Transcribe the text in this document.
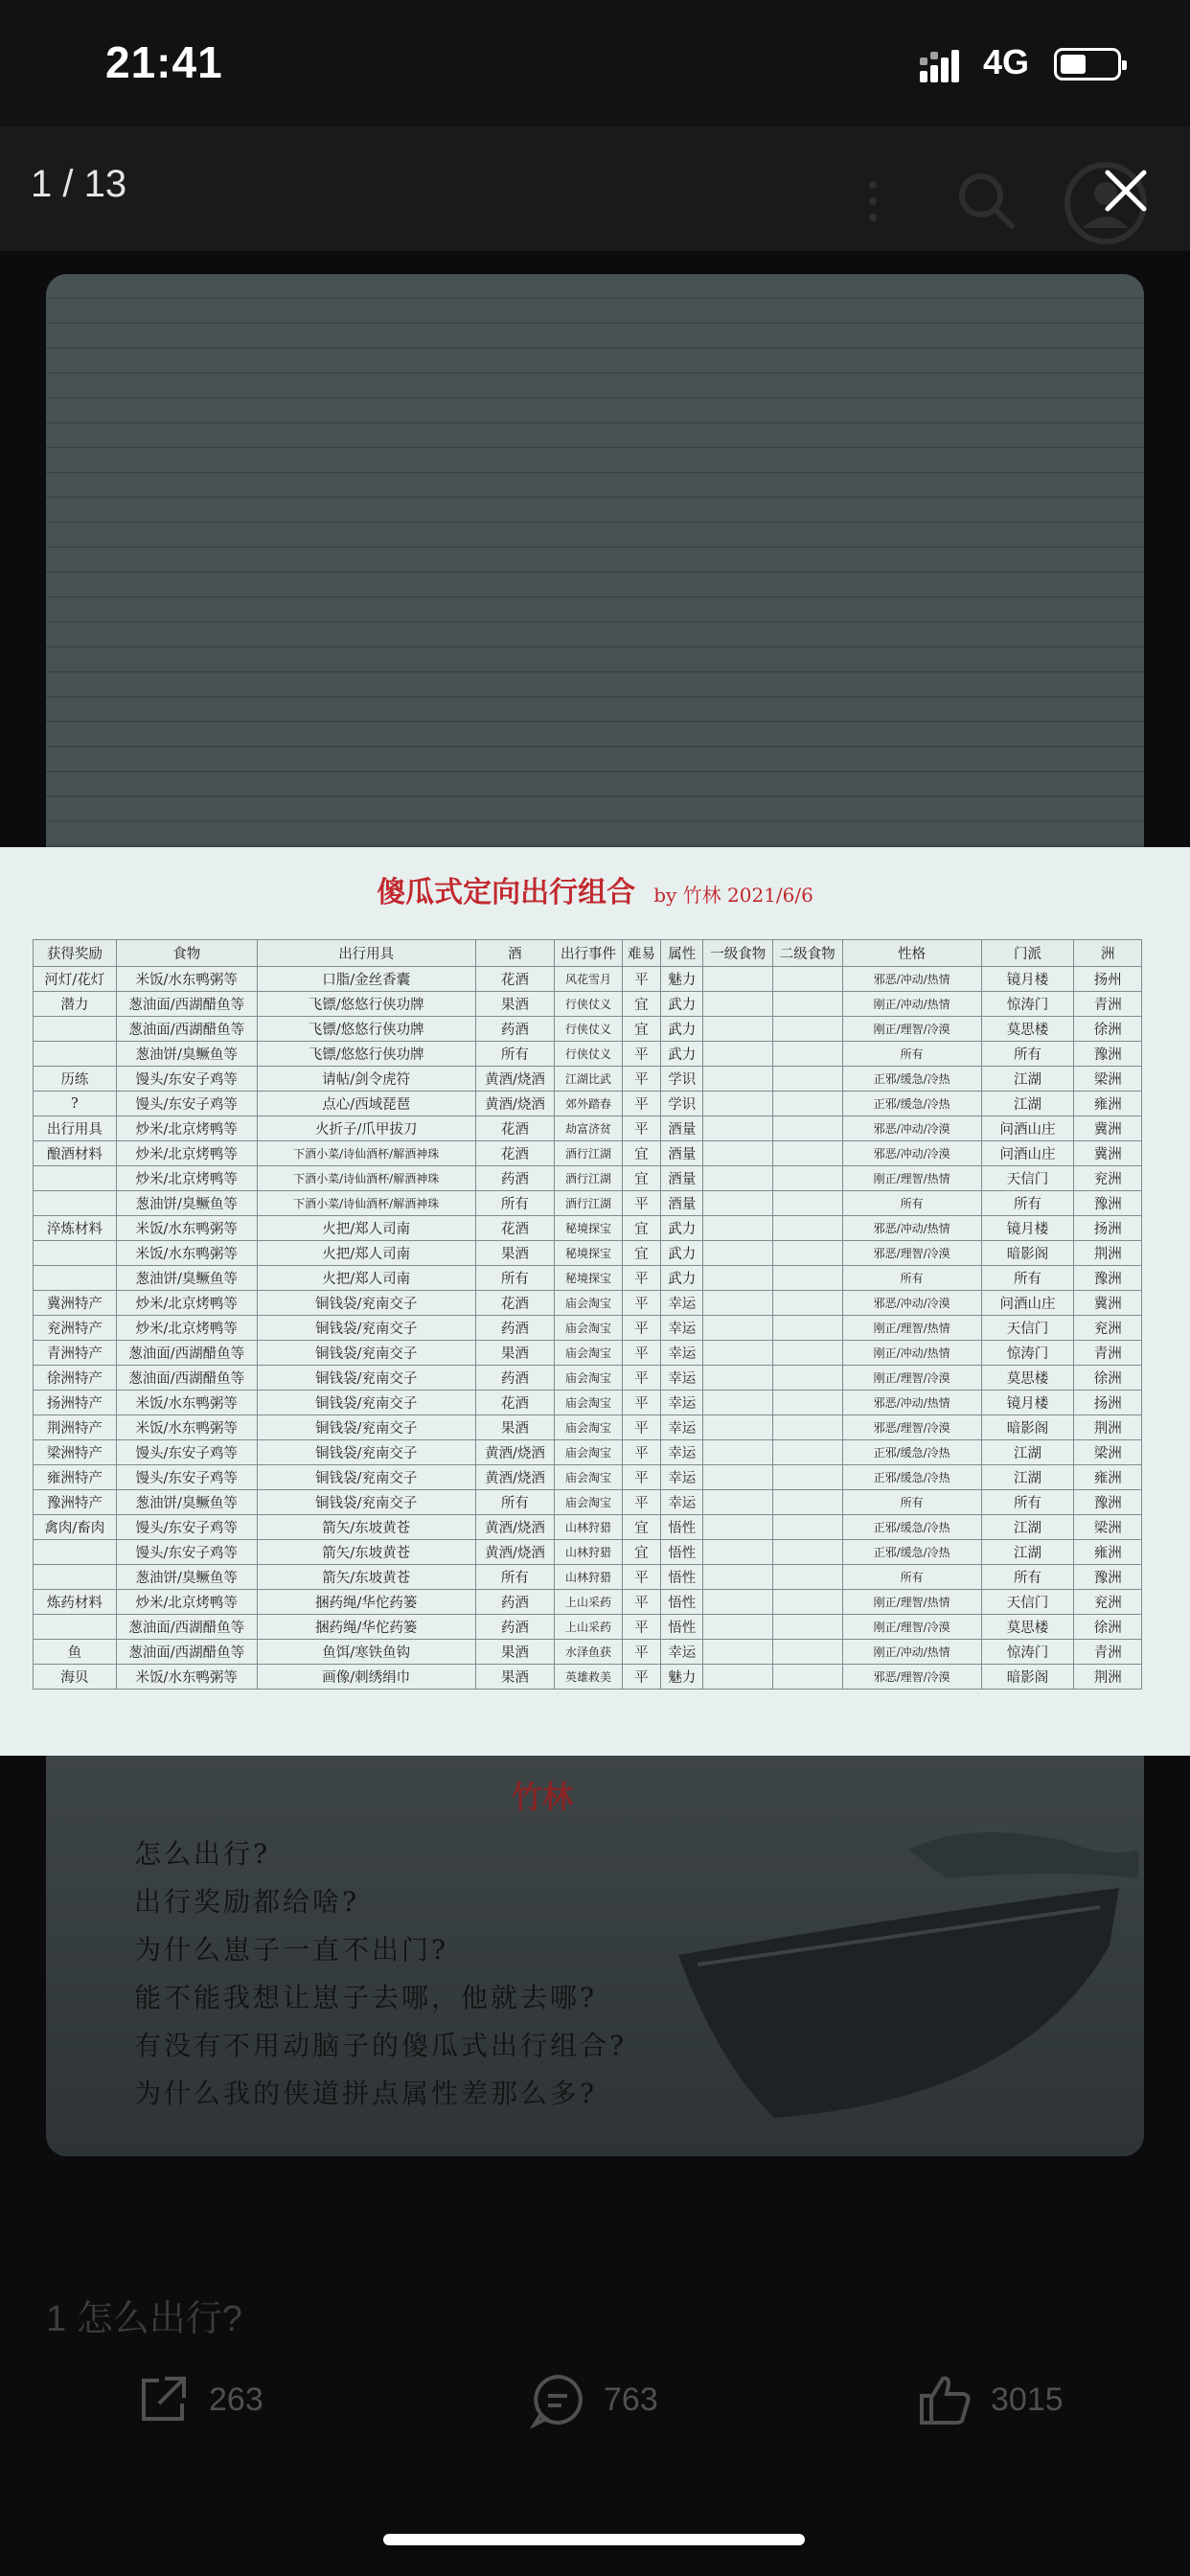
21:41	4G
1 / 13
竹林
怎么出行?
出行奖励都给啥?
为什么崽子一直不出门?
能不能我想让崽子去哪，他就去哪?
有没有不用动脑子的傻瓜式出行组合?
为什么我的侠道拼点属性差那么多?
傻瓜式定向出行组合 by 竹林 2021/6/6
获得奖励	食物	出行用具	酒	出行事件	难易	属性	一级食物	二级食物	性格	门派	洲
河灯/花灯	米饭/水东鸭粥等	口脂/金丝香囊	花酒	风花雪月	平	魅力			邪恶/冲动/热情	镜月楼	扬州
潜力	葱油面/西湖醋鱼等	飞镖/悠悠行侠功牌	果酒	行侠仗义	宜	武力			刚正/冲动/热情	惊涛门	青洲
	葱油面/西湖醋鱼等	飞镖/悠悠行侠功牌	药酒	行侠仗义	宜	武力			刚正/理智/冷漠	莫思楼	徐洲
	葱油饼/臭鳜鱼等	飞镖/悠悠行侠功牌	所有	行侠仗义	平	武力			所有	所有	豫洲
历练	馒头/东安子鸡等	请帖/剑令虎符	黄酒/烧酒	江湖比武	平	学识			正邪/缓急/冷热	江湖	梁洲
?	馒头/东安子鸡等	点心/西域琵琶	黄酒/烧酒	郊外踏春	平	学识			正邪/缓急/冷热	江湖	雍洲
出行用具	炒米/北京烤鸭等	火折子/爪甲拔刀	花酒	劫富济贫	平	酒量			邪恶/冲动/冷漠	问酒山庄	冀洲
酿酒材料	炒米/北京烤鸭等	下酒小菜/诗仙酒杯/解酒神珠	花酒	酒行江湖	宜	酒量			邪恶/冲动/冷漠	问酒山庄	冀洲
	炒米/北京烤鸭等	下酒小菜/诗仙酒杯/解酒神珠	药酒	酒行江湖	宜	酒量			刚正/理智/热情	天信门	兖洲
	葱油饼/臭鳜鱼等	下酒小菜/诗仙酒杯/解酒神珠	所有	酒行江湖	平	酒量			所有	所有	豫洲
淬炼材料	米饭/水东鸭粥等	火把/郑人司南	花酒	秘境探宝	宜	武力			邪恶/冲动/热情	镜月楼	扬洲
	米饭/水东鸭粥等	火把/郑人司南	果酒	秘境探宝	宜	武力			邪恶/理智/冷漠	暗影阁	荆洲
	葱油饼/臭鳜鱼等	火把/郑人司南	所有	秘境探宝	平	武力			所有	所有	豫洲
冀洲特产	炒米/北京烤鸭等	铜钱袋/兖南交子	花酒	庙会淘宝	平	幸运			邪恶/冲动/冷漠	问酒山庄	冀洲
兖洲特产	炒米/北京烤鸭等	铜钱袋/兖南交子	药酒	庙会淘宝	平	幸运			刚正/理智/热情	天信门	兖洲
青洲特产	葱油面/西湖醋鱼等	铜钱袋/兖南交子	果酒	庙会淘宝	平	幸运			刚正/冲动/热情	惊涛门	青洲
徐洲特产	葱油面/西湖醋鱼等	铜钱袋/兖南交子	药酒	庙会淘宝	平	幸运			刚正/理智/冷漠	莫思楼	徐洲
扬洲特产	米饭/水东鸭粥等	铜钱袋/兖南交子	花酒	庙会淘宝	平	幸运			邪恶/冲动/热情	镜月楼	扬洲
荆洲特产	米饭/水东鸭粥等	铜钱袋/兖南交子	果酒	庙会淘宝	平	幸运			邪恶/理智/冷漠	暗影阁	荆洲
梁洲特产	馒头/东安子鸡等	铜钱袋/兖南交子	黄酒/烧酒	庙会淘宝	平	幸运			正邪/缓急/冷热	江湖	梁洲
雍洲特产	馒头/东安子鸡等	铜钱袋/兖南交子	黄酒/烧酒	庙会淘宝	平	幸运			正邪/缓急/冷热	江湖	雍洲
豫洲特产	葱油饼/臭鳜鱼等	铜钱袋/兖南交子	所有	庙会淘宝	平	幸运			所有	所有	豫洲
禽肉/畜肉	馒头/东安子鸡等	箭矢/东坡黄苍	黄酒/烧酒	山林狩猎	宜	悟性			正邪/缓急/冷热	江湖	梁洲
	馒头/东安子鸡等	箭矢/东坡黄苍	黄酒/烧酒	山林狩猎	宜	悟性			正邪/缓急/冷热	江湖	雍洲
	葱油饼/臭鳜鱼等	箭矢/东坡黄苍	所有	山林狩猎	平	悟性			所有	所有	豫洲
炼药材料	炒米/北京烤鸭等	捆药绳/华佗药篓	药酒	上山采药	平	悟性			刚正/理智/热情	天信门	兖洲
	葱油面/西湖醋鱼等	捆药绳/华佗药篓	药酒	上山采药	平	悟性			刚正/理智/冷漠	莫思楼	徐洲
鱼	葱油面/西湖醋鱼等	鱼饵/寒铁鱼钩	果酒	水泽鱼获	平	幸运			刚正/冲动/热情	惊涛门	青洲
海贝	米饭/水东鸭粥等	画像/刺绣绢巾	果酒	英雄救美	平	魅力			邪恶/理智/冷漠	暗影阁	荆洲
1 怎么出行?
263	763	3015
